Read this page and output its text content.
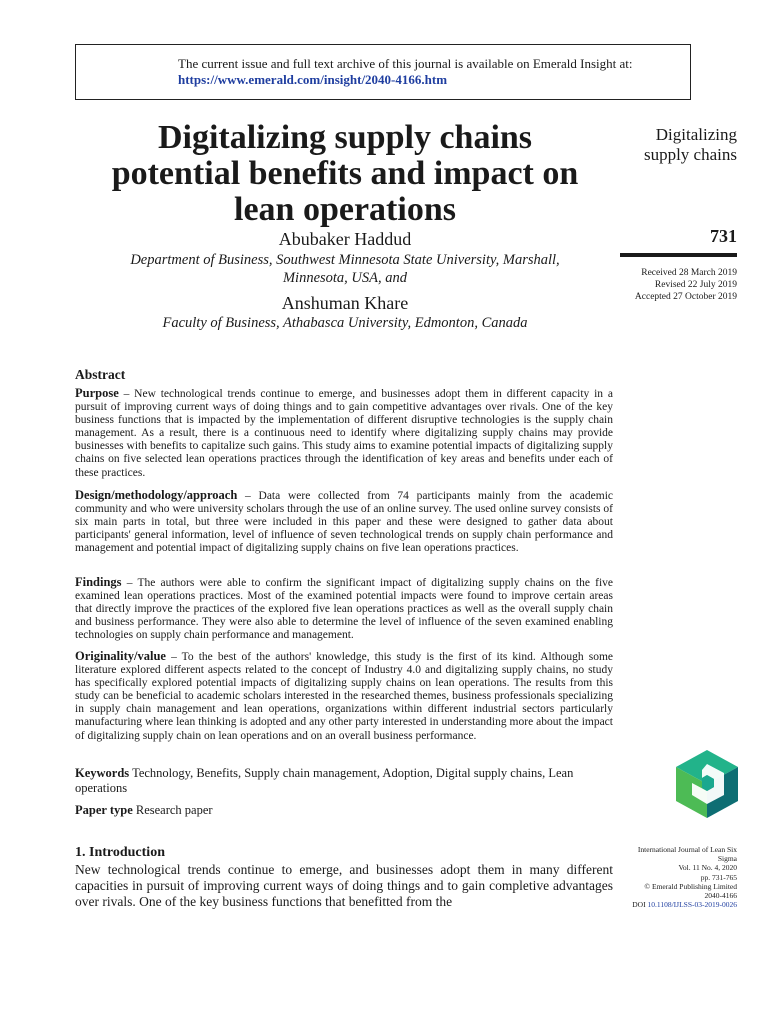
The current issue and full text archive of this journal is available on Emerald Insight at:
https://www.emerald.com/insight/2040-4166.htm
Digitalizing supply chains
potential benefits and impact on
lean operations
Abubaker Haddud
Department of Business, Southwest Minnesota State University, Marshall,
Minnesota, USA, and
Anshuman Khare
Faculty of Business, Athabasca University, Edmonton, Canada
Digitalizing
supply chains
731
Received 28 March 2019
Revised 22 July 2019
Accepted 27 October 2019
Abstract
Purpose – New technological trends continue to emerge, and businesses adopt them in different capacity in a pursuit of improving current ways of doing things and to gain competitive advantages over rivals. One of the key business functions that is impacted by the implementation of different disruptive technologies is the supply chain management. As a result, there is a continuous need to identify where digitalizing supply chains may provide businesses with benefits to capitalize such gains. This study aims to examine potential impacts of digitalizing supply chains on five selected lean operations practices through the identification of key areas and benefits under each of these practices.
Design/methodology/approach – Data were collected from 74 participants mainly from the academic community and who were university scholars through the use of an online survey. The used online survey consists of six main parts in total, but three were included in this paper and these were designed to gather data about participants' general information, level of influence of seven technological trends on supply chain performance and management and potential impact of digitalizing supply chains on five lean operations practices.
Findings – The authors were able to confirm the significant impact of digitalizing supply chains on the five examined lean operations practices. Most of the examined potential impacts were found to improve certain areas that directly improve the practices of the explored five lean operations practices as well as the overall supply chain and business performance. They were also able to determine the level of influence of the seven examined enabling technologies on supply chain performance and management.
Originality/value – To the best of the authors' knowledge, this study is the first of its kind. Although some literature explored different aspects related to the concept of Industry 4.0 and digitalizing supply chains, no study has specifically explored potential impacts of digitalizing supply chains on lean operations. The results from this study can be beneficial to academic scholars interested in the researched themes, business professionals specializing in supply chain management and lean operations, organizations within different industrial sectors particularly manufacturing where lean thinking is adopted and any other party interested in understanding more about the impact of digitalizing supply chain on lean operations and on an overall business performance.
Keywords Technology, Benefits, Supply chain management, Adoption, Digital supply chains, Lean operations
Paper type Research paper
1. Introduction
New technological trends continue to emerge, and businesses adopt them in many different capacities in pursuit of improving current ways of doing things and to gain completive advantages over rivals. One of the key business functions that benefitted from the
International Journal of Lean Six
Sigma
Vol. 11 No. 4, 2020
pp. 731-765
© Emerald Publishing Limited
2040-4166
DOI 10.1108/IJLSS-03-2019-0026
